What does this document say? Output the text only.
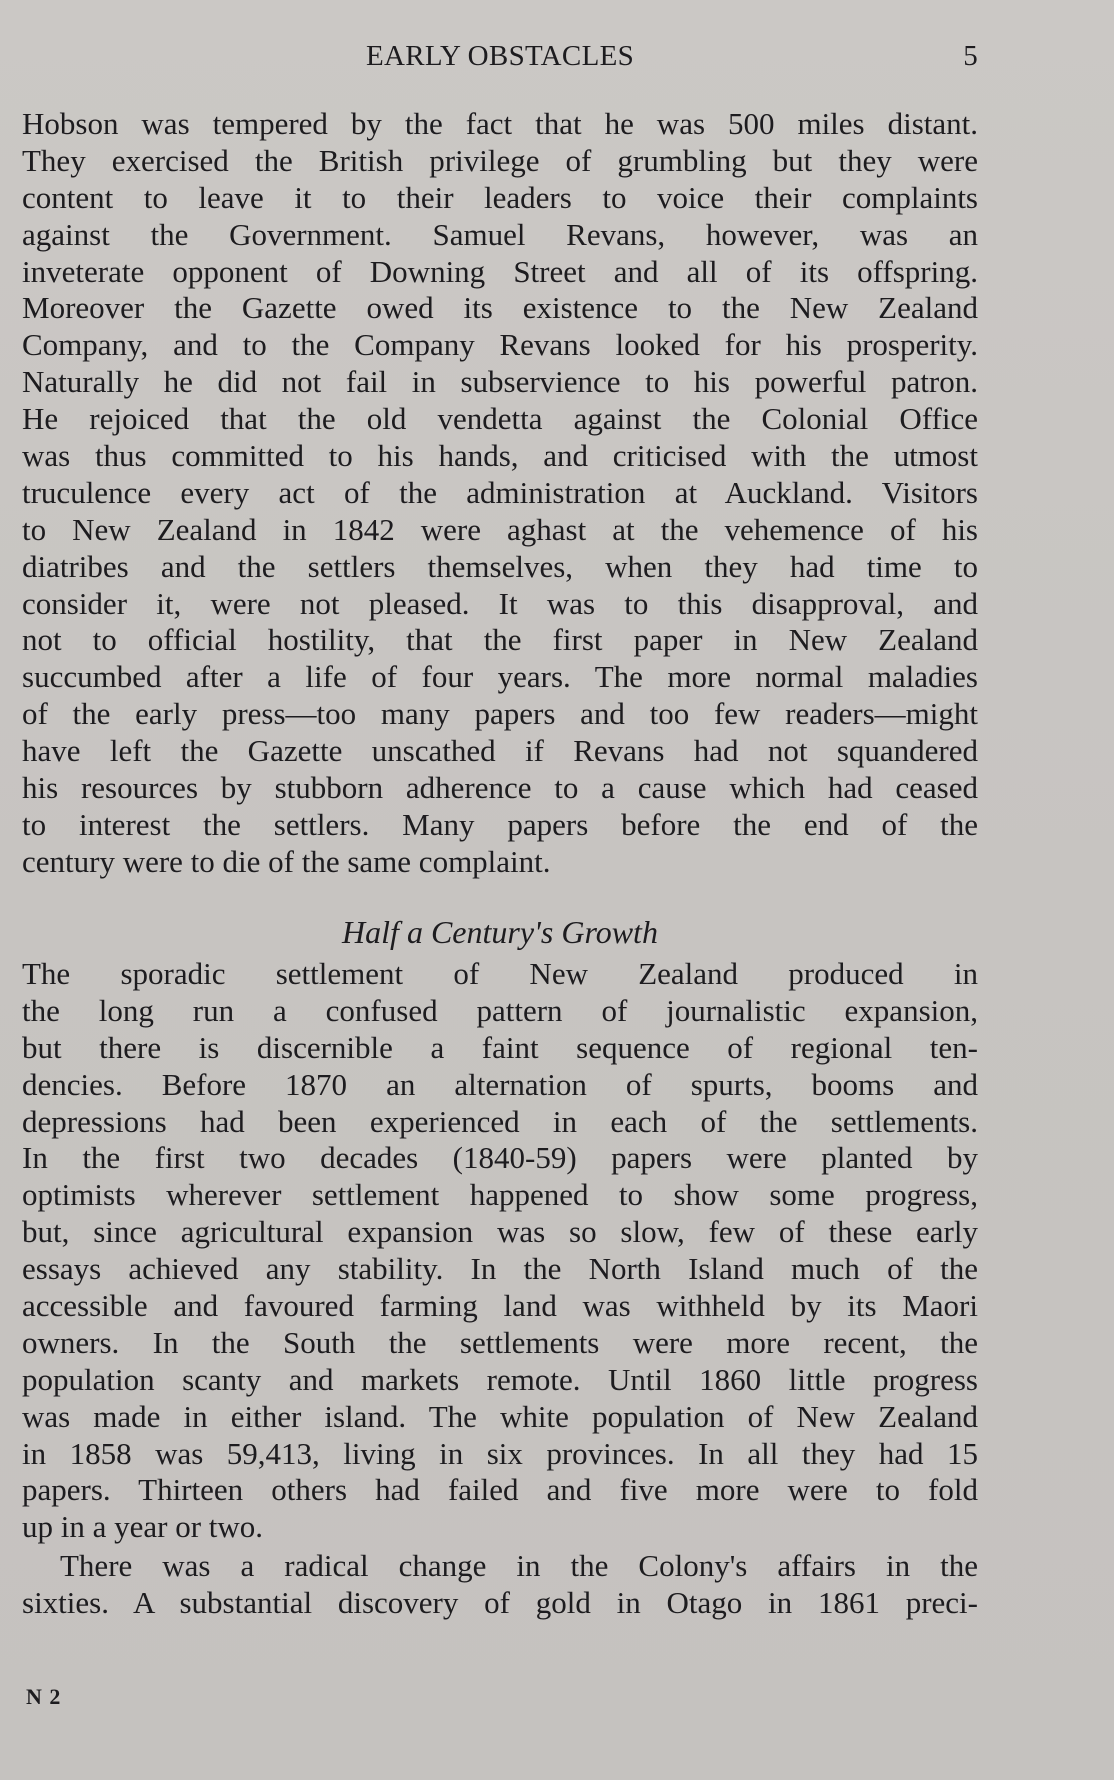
EARLY OBSTACLES	5
Hobson was tempered by the fact that he was 500 miles distant.
They exercised the British privilege of grumbling but they were
content to leave it to their leaders to voice their complaints
against the Government. Samuel Revans, however, was an
inveterate opponent of Downing Street and all of its offspring.
Moreover the Gazette owed its existence to the New Zealand
Company, and to the Company Revans looked for his prosperity.
Naturally he did not fail in subservience to his powerful patron.
He rejoiced that the old vendetta against the Colonial Office
was thus committed to his hands, and criticised with the utmost
truculence every act of the administration at Auckland. Visitors
to New Zealand in 1842 were aghast at the vehemence of his
diatribes and the settlers themselves, when they had time to
consider it, were not pleased. It was to this disapproval, and
not to official hostility, that the first paper in New Zealand
succumbed after a life of four years. The more normal maladies
of the early press—too many papers and too few readers—might
have left the Gazette unscathed if Revans had not squandered
his resources by stubborn adherence to a cause which had ceased
to interest the settlers. Many papers before the end of the
century were to die of the same complaint.
Half a Century's Growth
The sporadic settlement of New Zealand produced in
the long run a confused pattern of journalistic expansion,
but there is discernible a faint sequence of regional ten-
dencies. Before 1870 an alternation of spurts, booms and
depressions had been experienced in each of the settlements.
In the first two decades (1840-59) papers were planted by
optimists wherever settlement happened to show some progress,
but, since agricultural expansion was so slow, few of these early
essays achieved any stability. In the North Island much of the
accessible and favoured farming land was withheld by its Maori
owners. In the South the settlements were more recent, the
population scanty and markets remote. Until 1860 little progress
was made in either island. The white population of New Zealand
in 1858 was 59,413, living in six provinces. In all they had 15
papers. Thirteen others had failed and five more were to fold
up in a year or two.
There was a radical change in the Colony's affairs in the
sixties. A substantial discovery of gold in Otago in 1861 preci-
N 2
